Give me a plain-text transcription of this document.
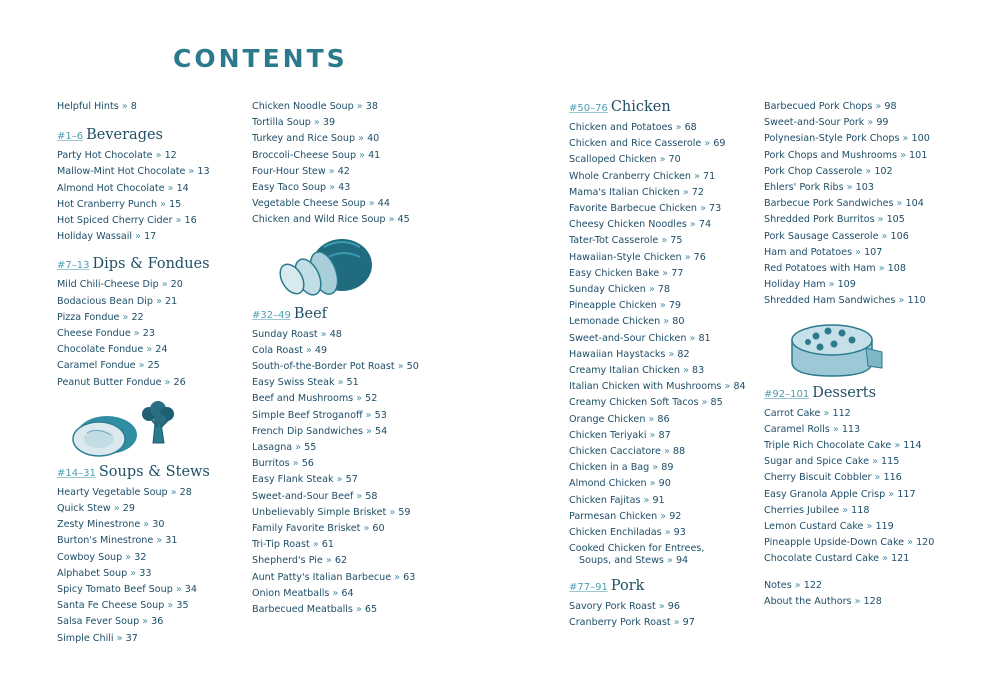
CONTENTS
Helpful Hints » 8
#1–6 Beverages
Party Hot Chocolate » 12
Mallow-Mint Hot Chocolate » 13
Almond Hot Chocolate » 14
Hot Cranberry Punch » 15
Hot Spiced Cherry Cider » 16
Holiday Wassail » 17
#7–13 Dips & Fondues
Mild Chili-Cheese Dip » 20
Bodacious Bean Dip » 21
Pizza Fondue » 22
Cheese Fondue » 23
Chocolate Fondue » 24
Caramel Fondue » 25
Peanut Butter Fondue » 26
#14–31 Soups & Stews
Hearty Vegetable Soup » 28
Quick Stew » 29
Zesty Minestrone » 30
Burton's Minestrone » 31
Cowboy Soup » 32
Alphabet Soup » 33
Spicy Tomato Beef Soup » 34
Santa Fe Cheese Soup » 35
Salsa Fever Soup » 36
Simple Chili » 37
Chicken Noodle Soup » 38
Tortilla Soup » 39
Turkey and Rice Soup » 40
Broccoli-Cheese Soup » 41
Four-Hour Stew » 42
Easy Taco Soup » 43
Vegetable Cheese Soup » 44
Chicken and Wild Rice Soup » 45
#32–49 Beef
Sunday Roast » 48
Cola Roast » 49
South-of-the-Border Pot Roast » 50
Easy Swiss Steak » 51
Beef and Mushrooms » 52
Simple Beef Stroganoff » 53
French Dip Sandwiches » 54
Lasagna » 55
Burritos » 56
Easy Flank Steak » 57
Sweet-and-Sour Beef » 58
Unbelievably Simple Brisket » 59
Family Favorite Brisket » 60
Tri-Tip Roast » 61
Shepherd's Pie » 62
Aunt Patty's Italian Barbecue » 63
Onion Meatballs » 64
Barbecued Meatballs » 65
#50–76 Chicken
Chicken and Potatoes » 68
Chicken and Rice Casserole » 69
Scalloped Chicken » 70
Whole Cranberry Chicken » 71
Mama's Italian Chicken » 72
Favorite Barbecue Chicken » 73
Cheesy Chicken Noodles » 74
Tater-Tot Casserole » 75
Hawaiian-Style Chicken » 76
Easy Chicken Bake » 77
Sunday Chicken » 78
Pineapple Chicken » 79
Lemonade Chicken » 80
Sweet-and-Sour Chicken » 81
Hawaiian Haystacks » 82
Creamy Italian Chicken » 83
Italian Chicken with Mushrooms » 84
Creamy Chicken Soft Tacos » 85
Orange Chicken » 86
Chicken Teriyaki » 87
Chicken Cacciatore » 88
Chicken in a Bag » 89
Almond Chicken » 90
Chicken Fajitas » 91
Parmesan Chicken » 92
Chicken Enchiladas » 93
Cooked Chicken for Entrees,
Soups, and Stews » 94
#77–91 Pork
Savory Pork Roast » 96
Cranberry Pork Roast » 97
Barbecued Pork Chops » 98
Sweet-and-Sour Pork » 99
Polynesian-Style Pork Chops » 100
Pork Chops and Mushrooms » 101
Pork Chop Casserole » 102
Ehlers' Pork Ribs » 103
Barbecue Pork Sandwiches » 104
Shredded Pork Burritos » 105
Pork Sausage Casserole » 106
Ham and Potatoes » 107
Red Potatoes with Ham » 108
Holiday Ham » 109
Shredded Ham Sandwiches » 110
#92–101 Desserts
Carrot Cake » 112
Caramel Rolls » 113
Triple Rich Chocolate Cake » 114
Sugar and Spice Cake » 115
Cherry Biscuit Cobbler » 116
Easy Granola Apple Crisp » 117
Cherries Jubilee » 118
Lemon Custard Cake » 119
Pineapple Upside-Down Cake » 120
Chocolate Custard Cake » 121
Notes » 122
About the Authors » 128
